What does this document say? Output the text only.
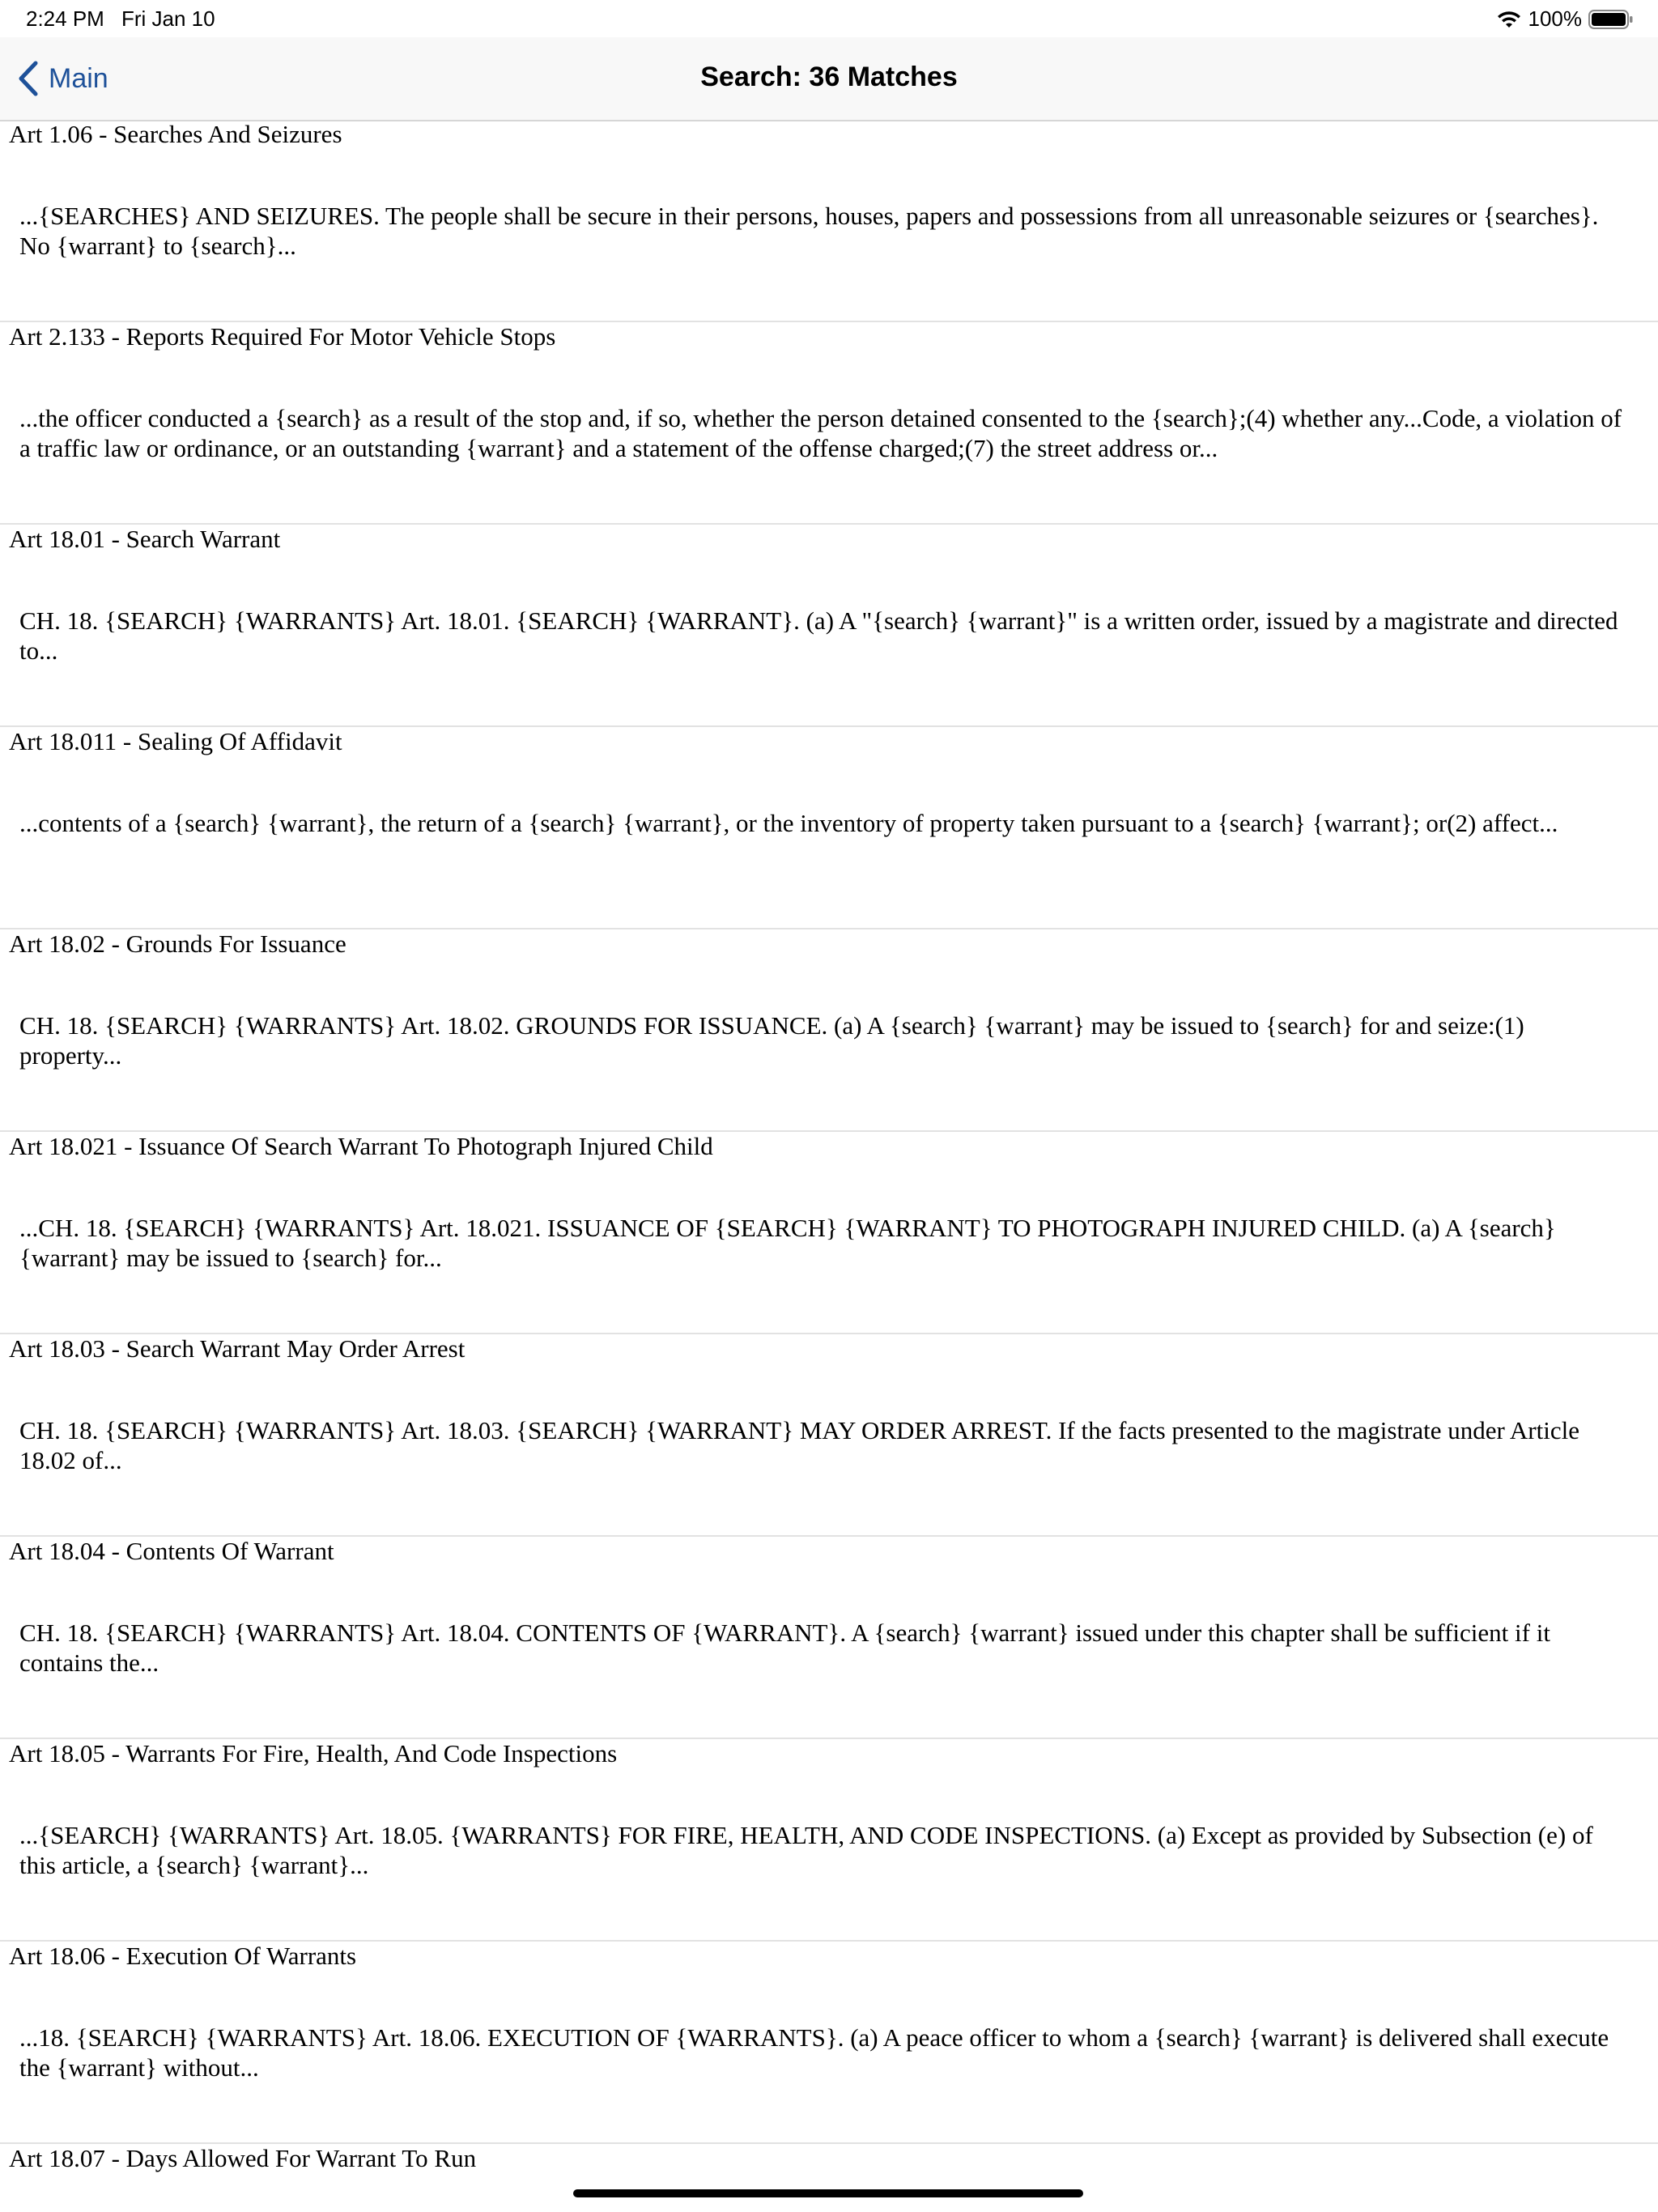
2:24 PM Fri Jan 10	100%
Main	Search: 36 Matches
Art 1.06 - Searches And Seizures
...{SEARCHES} AND SEIZURES. The people shall be secure in their persons, houses, papers and possessions from all unreasonable seizures or {searches}. No {warrant} to {search}...
Art 2.133 - Reports Required For Motor Vehicle Stops
...the officer conducted a {search} as a result of the stop and, if so, whether the person detained consented to the {search};(4) whether any...Code, a violation of a traffic law or ordinance, or an outstanding {warrant} and a statement of the offense charged;(7) the street address or...
Art 18.01 - Search Warrant
CH. 18. {SEARCH} {WARRANTS} Art. 18.01. {SEARCH} {WARRANT}. (a) A "{search} {warrant}" is a written order, issued by a magistrate and directed to...
Art 18.011 - Sealing Of Affidavit
...contents of a {search} {warrant}, the return of a {search} {warrant}, or the inventory of property taken pursuant to a {search} {warrant}; or(2) affect...
Art 18.02 - Grounds For Issuance
CH. 18. {SEARCH} {WARRANTS} Art. 18.02. GROUNDS FOR ISSUANCE. (a) A {search} {warrant} may be issued to {search} for and seize:(1) property...
Art 18.021 - Issuance Of Search Warrant To Photograph Injured Child
...CH. 18. {SEARCH} {WARRANTS} Art. 18.021. ISSUANCE OF {SEARCH} {WARRANT} TO PHOTOGRAPH INJURED CHILD. (a) A {search} {warrant} may be issued to {search} for...
Art 18.03 - Search Warrant May Order Arrest
CH. 18. {SEARCH} {WARRANTS} Art. 18.03. {SEARCH} {WARRANT} MAY ORDER ARREST. If the facts presented to the magistrate under Article 18.02 of...
Art 18.04 - Contents Of Warrant
CH. 18. {SEARCH} {WARRANTS} Art. 18.04. CONTENTS OF {WARRANT}. A {search} {warrant} issued under this chapter shall be sufficient if it contains the...
Art 18.05 - Warrants For Fire, Health, And Code Inspections
...{SEARCH} {WARRANTS} Art. 18.05. {WARRANTS} FOR FIRE, HEALTH, AND CODE INSPECTIONS. (a) Except as provided by Subsection (e) of this article, a {search} {warrant}...
Art 18.06 - Execution Of Warrants
...18. {SEARCH} {WARRANTS} Art. 18.06. EXECUTION OF {WARRANTS}. (a) A peace officer to whom a {search} {warrant} is delivered shall execute the {warrant} without...
Art 18.07 - Days Allowed For Warrant To Run
